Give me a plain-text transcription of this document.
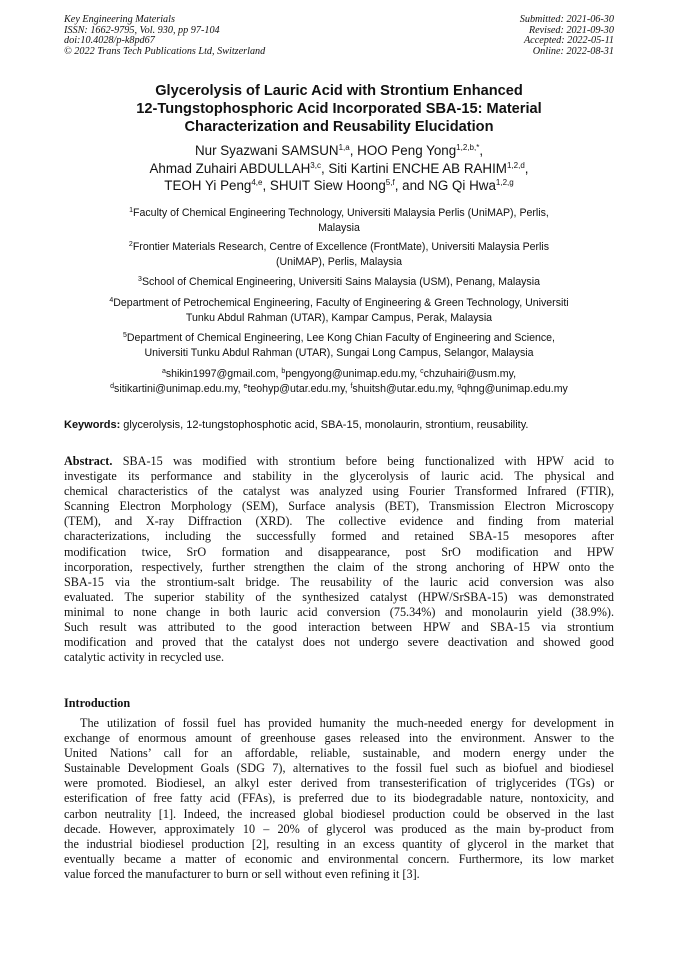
Key Engineering Materials
ISSN: 1662-9795, Vol. 930, pp 97-104
doi:10.4028/p-k8pd67
© 2022 Trans Tech Publications Ltd, Switzerland
Submitted: 2021-06-30
Revised: 2021-09-30
Accepted: 2022-05-11
Online: 2022-08-31
Glycerolysis of Lauric Acid with Strontium Enhanced
12-Tungstophosphoric Acid Incorporated SBA-15: Material
Characterization and Reusability Elucidation
Nur Syazwani SAMSUN$^{1,a}$, HOO Peng Yong$^{1,2,b,*}$,
Ahmad Zuhairi ABDULLAH$^{3,c}$, Siti Kartini ENCHE AB RAHIM$^{1,2,d}$,
TEOH Yi Peng$^{4,e}$, SHUIT Siew Hoong$^{5,f}$, and NG Qi Hwa$^{1,2,g}$
$^1$Faculty of Chemical Engineering Technology, Universiti Malaysia Perlis (UniMAP), Perlis,
Malaysia
$^2$Frontier Materials Research, Centre of Excellence (FrontMate), Universiti Malaysia Perlis
(UniMAP), Perlis, Malaysia
$^3$School of Chemical Engineering, Universiti Sains Malaysia (USM), Penang, Malaysia
$^4$Department of Petrochemical Engineering, Faculty of Engineering & Green Technology, Universiti
Tunku Abdul Rahman (UTAR), Kampar Campus, Perak, Malaysia
$^5$Department of Chemical Engineering, Lee Kong Chian Faculty of Engineering and Science,
Universiti Tunku Abdul Rahman (UTAR), Sungai Long Campus, Selangor, Malaysia
$^a$shikin1997@gmail.com, $^b$pengyong@unimap.edu.my, $^c$chzuhairi@usm.my,
$^d$sitikartini@unimap.edu.my, $^e$teohyp@utar.edu.my, $^f$shuitsh@utar.edu.my, $^g$qhng@unimap.edu.my
Keywords: glycerolysis, 12-tungstophosphotic acid, SBA-15, monolaurin, strontium, reusability.
Abstract. SBA-15 was modified with strontium before being functionalized with HPW acid to
investigate its performance and stability in the glycerolysis of lauric acid. The physical and
chemical characteristics of the catalyst was analyzed using Fourier Transformed Infrared (FTIR),
Scanning Electron Morphology (SEM), Surface analysis (BET), Transmission Electron Microscopy
(TEM), and X-ray Diffraction (XRD). The collective evidence and finding from material
characterizations, including the successfully formed and retained SBA-15 mesopores after
modification twice, SrO formation and disappearance, post SrO modification and HPW
incorporation, respectively, further strengthen the claim of the strong anchoring of HPW onto the
SBA-15 via the strontium-salt bridge. The reusability of the lauric acid conversion was also
evaluated. The superior stability of the synthesized catalyst (HPW/SrSBA-15) was demonstrated
minimal to none change in both lauric acid conversion (75.34%) and monolaurin yield (38.9%).
Such result was attributed to the good interaction between HPW and SBA-15 via strontium
modification and proved that the catalyst does not undergo severe deactivation and showed good
catalytic activity in recycled use.
Introduction
The utilization of fossil fuel has provided humanity the much-needed energy for development in
exchange of enormous amount of greenhouse gases released into the environment. Answer to the
United Nations’ call for an affordable, reliable, sustainable, and modern energy under the
Sustainable Development Goals (SDG 7), alternatives to the fossil fuel such as biofuel and biodiesel
were promoted. Biodiesel, an alkyl ester derived from transesterification of triglycerides (TGs) or
esterification of free fatty acid (FFAs), is preferred due to its biodegradable nature, nontoxicity, and
carbon neutrality [1]. Indeed, the increased global biodiesel production could be observed in the last
decade. However, approximately 10 – 20% of glycerol was produced as the main by-product from
the industrial biodiesel production [2], resulting in an excess quantity of glycerol in the market that
eventually became a matter of economic and environmental concern. Furthermore, its low market
value forced the manufacturer to burn or sell without even refining it [3].
